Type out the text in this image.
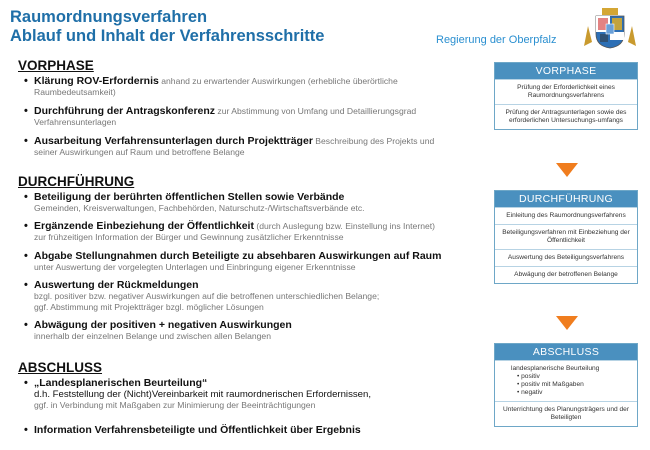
Raumordnungsverfahren
Ablauf und Inhalt der Verfahrensschritte	Regierung der Oberpfalz
VORPHASE
• Klärung ROV-Erfordernis anhand zu erwartender Auswirkungen (erhebliche überörtliche
Raumbedeutsamkeit)
• Durchführung der Antragskonferenz zur Abstimmung von Umfang und Detaillierungsgrad
Verfahrensunterlagen
• Ausarbeitung Verfahrensunterlagen durch Projektträger Beschreibung des Projekts und
seiner Auswirkungen auf Raum und betroffene Belange
DURCHFÜHRUNG
• Beteiligung der berührten öffentlichen Stellen sowie Verbände
Gemeinden, Kreisverwaltungen, Fachbehörden, Naturschutz-/Wirtschaftsverbände etc.
• Ergänzende Einbeziehung der Öffentlichkeit (durch Auslegung bzw. Einstellung ins Internet)
zur frühzeitigen Information der Bürger und Gewinnung zusätzlicher Erkenntnisse
• Abgabe Stellungnahmen durch Beteiligte zu absehbaren Auswirkungen auf Raum
unter Auswertung der vorgelegten Unterlagen und Einbringung eigener Erkenntnisse
• Auswertung der Rückmeldungen
bzgl. positiver bzw. negativer Auswirkungen auf die betroffenen unterschiedlichen Belange;
ggf. Abstimmung mit Projektträger bzgl. möglicher Lösungen
• Abwägung der positiven + negativen Auswirkungen
innerhalb der einzelnen Belange und zwischen allen Belangen
ABSCHLUSS
• „Landesplanerischen Beurteilung“
d.h. Feststellung der (Nicht)Vereinbarkeit mit raumordnerischen Erfordernissen,
ggf. in Verbindung mit Maßgaben zur Minimierung der Beeinträchtigungen
• Information Verfahrensbeteiligte und Öffentlichkeit über Ergebnis
VORPHASE
Prüfung der Erforderlichkeit eines Raumordnungsverfahrens
Prüfung der Antragsunterlagen sowie des erforderlichen Untersuchungs-umfangs
DURCHFÜHRUNG
Einleitung des Raumordnungsverfahrens
Beteiligungsverfahren mit Einbeziehung der Öffentlichkeit
Auswertung des Beteiligungsverfahrens
Abwägung der betroffenen Belange
ABSCHLUSS
landesplanerische Beurteilung
• positiv
• positiv mit Maßgaben
• negativ
Unterrichtung des Planungsträgers und der Beteiligten
